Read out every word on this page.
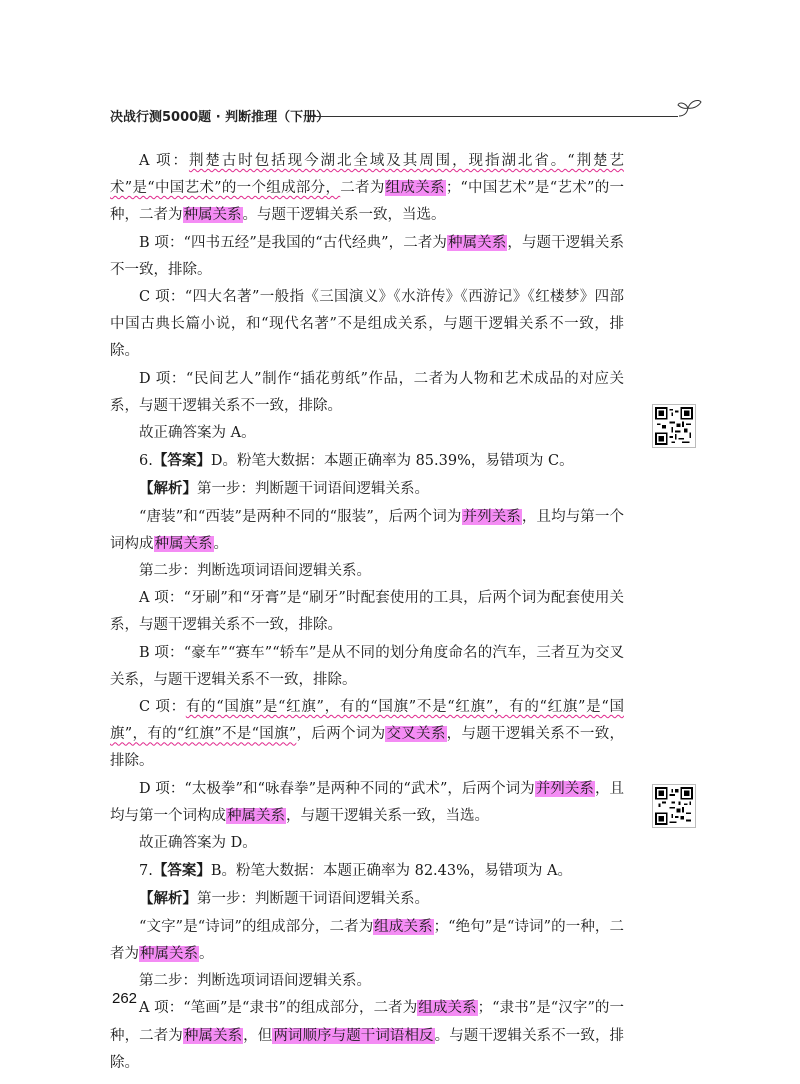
决战行测5000题 · 判断推理（下册）

A 项：荆楚古时包括现今湖北全域及其周围，现指湖北省。“荆楚艺术”是“中国艺术”的一个组成部分，二者为组成关系；“中国艺术”是“艺术”的一种，二者为种属关系。与题干逻辑关系一致，当选。

B 项：“四书五经”是我国的“古代经典”，二者为种属关系，与题干逻辑关系不一致，排除。

C 项：“四大名著”一般指《三国演义》《水浒传》《西游记》《红楼梦》四部中国古典长篇小说，和“现代名著”不是组成关系，与题干逻辑关系不一致，排除。

D 项：“民间艺人”制作“插花剪纸”作品，二者为人物和艺术成品的对应关系，与题干逻辑关系不一致，排除。

故正确答案为 A。

6.【答案】D。粉笔大数据：本题正确率为 85.39%，易错项为 C。

【解析】第一步：判断题干词语间逻辑关系。

“唐装”和“西装”是两种不同的“服装”，后两个词为并列关系，且均与第一个词构成种属关系。

第二步：判断选项词语间逻辑关系。

A 项：“牙刷”和“牙膏”是“刷牙”时配套使用的工具，后两个词为配套使用关系，与题干逻辑关系不一致，排除。

B 项：“豪车”“赛车”“轿车”是从不同的划分角度命名的汽车，三者互为交叉关系，与题干逻辑关系不一致，排除。

C 项：有的“国旗”是“红旗”，有的“国旗”不是“红旗”，有的“红旗”是“国旗”，有的“红旗”不是“国旗”，后两个词为交叉关系，与题干逻辑关系不一致，排除。

D 项：“太极拳”和“咏春拳”是两种不同的“武术”，后两个词为并列关系，且均与第一个词构成种属关系，与题干逻辑关系一致，当选。

故正确答案为 D。

7.【答案】B。粉笔大数据：本题正确率为 82.43%，易错项为 A。

【解析】第一步：判断题干词语间逻辑关系。

“文字”是“诗词”的组成部分，二者为组成关系；“绝句”是“诗词”的一种，二者为种属关系。

第二步：判断选项词语间逻辑关系。

A 项：“笔画”是“隶书”的组成部分，二者为组成关系；“隶书”是“汉字”的一种，二者为种属关系，但两词顺序与题干词语相反。与题干逻辑关系不一致，排除。

262
